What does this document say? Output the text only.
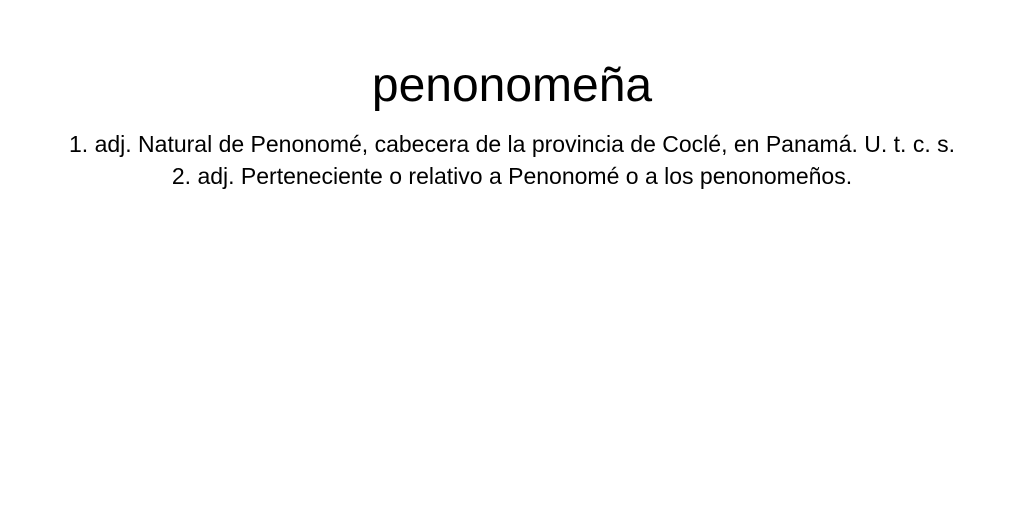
penonomeña
1. adj. Natural de Penonomé, cabecera de la provincia de Coclé, en Panamá. U. t. c. s.
2. adj. Perteneciente o relativo a Penonomé o a los penonomeños.
